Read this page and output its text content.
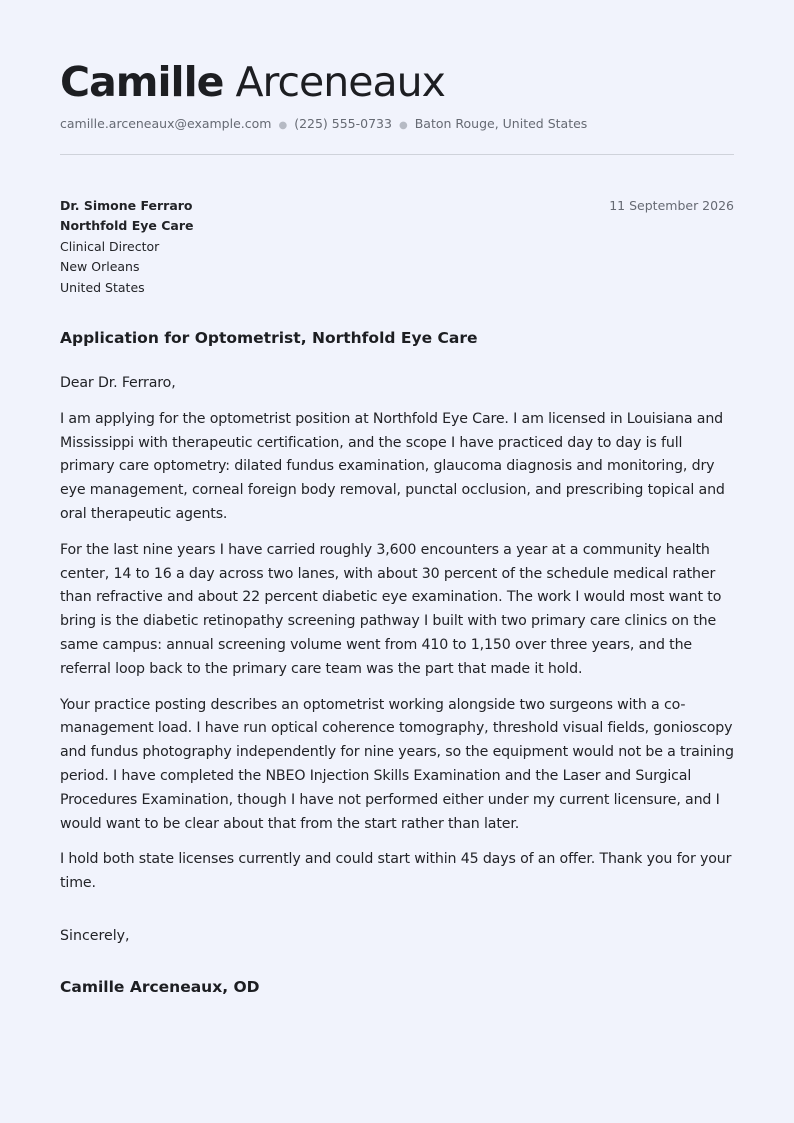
Camille Arceneaux
camille.arceneaux@example.com ● (225) 555-0733 ● Baton Rouge, United States
Dr. Simone Ferraro
Northfold Eye Care
Clinical Director
New Orleans
United States
11 September 2026
Application for Optometrist, Northfold Eye Care

Dear Dr. Ferraro,

I am applying for the optometrist position at Northfold Eye Care. I am licensed in Louisiana and Mississippi with therapeutic certification, and the scope I have practiced day to day is full primary care optometry: dilated fundus examination, glaucoma diagnosis and monitoring, dry eye management, corneal foreign body removal, punctal occlusion, and prescribing topical and oral therapeutic agents.

For the last nine years I have carried roughly 3,600 encounters a year at a community health center, 14 to 16 a day across two lanes, with about 30 percent of the schedule medical rather than refractive and about 22 percent diabetic eye examination. The work I would most want to bring is the diabetic retinopathy screening pathway I built with two primary care clinics on the same campus: annual screening volume went from 410 to 1,150 over three years, and the referral loop back to the primary care team was the part that made it hold.

Your practice posting describes an optometrist working alongside two surgeons with a co-management load. I have run optical coherence tomography, threshold visual fields, gonioscopy and fundus photography independently for nine years, so the equipment would not be a training period. I have completed the NBEO Injection Skills Examination and the Laser and Surgical Procedures Examination, though I have not performed either under my current licensure, and I would want to be clear about that from the start rather than later.

I hold both state licenses currently and could start within 45 days of an offer. Thank you for your time.

Sincerely,
Camille Arceneaux, OD
